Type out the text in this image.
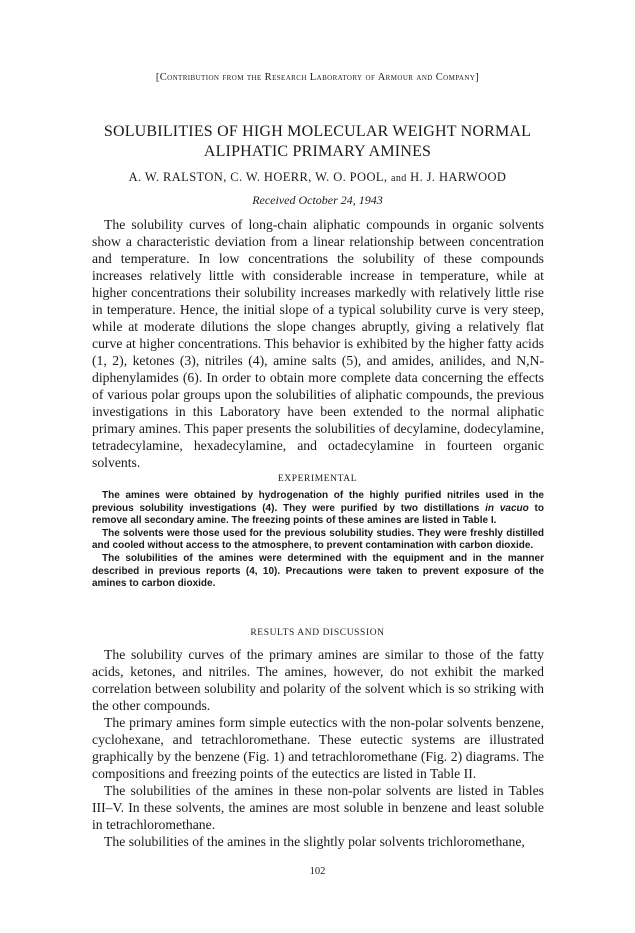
[Contribution from the Research Laboratory of Armour and Company]
SOLUBILITIES OF HIGH MOLECULAR WEIGHT NORMAL ALIPHATIC PRIMARY AMINES
A. W. RALSTON, C. W. HOERR, W. O. POOL, and H. J. HARWOOD
Received October 24, 1943

The solubility curves of long-chain aliphatic compounds in organic solvents show a characteristic deviation from a linear relationship between concentration and temperature. In low concentrations the solubility of these compounds increases relatively little with considerable increase in temperature, while at higher concentrations their solubility increases markedly with relatively little rise in temperature. Hence, the initial slope of a typical solubility curve is very steep, while at moderate dilutions the slope changes abruptly, giving a relatively flat curve at higher concentrations. This behavior is exhibited by the higher fatty acids (1, 2), ketones (3), nitriles (4), amine salts (5), and amides, anilides, and N,N-diphenylamides (6). In order to obtain more complete data concerning the effects of various polar groups upon the solubilities of aliphatic compounds, the previous investigations in this Laboratory have been extended to the normal aliphatic primary amines. This paper presents the solubilities of decylamine, dodecylamine, tetradecylamine, hexadecylamine, and octadecylamine in fourteen organic solvents.

EXPERIMENTAL

The amines were obtained by hydrogenation of the highly purified nitriles used in the previous solubility investigations (4). They were purified by two distillations in vacuo to remove all secondary amine. The freezing points of these amines are listed in Table I.

The solvents were those used for the previous solubility studies. They were freshly distilled and cooled without access to the atmosphere, to prevent contamination with carbon dioxide.

The solubilities of the amines were determined with the equipment and in the manner described in previous reports (4, 10). Precautions were taken to prevent exposure of the amines to carbon dioxide.

RESULTS AND DISCUSSION

The solubility curves of the primary amines are similar to those of the fatty acids, ketones, and nitriles. The amines, however, do not exhibit the marked correlation between solubility and polarity of the solvent which is so striking with the other compounds.

The primary amines form simple eutectics with the non-polar solvents benzene, cyclohexane, and tetrachloromethane. These eutectic systems are illustrated graphically by the benzene (Fig. 1) and tetrachloromethane (Fig. 2) diagrams. The compositions and freezing points of the eutectics are listed in Table II.

The solubilities of the amines in these non-polar solvents are listed in Tables III–V. In these solvents, the amines are most soluble in benzene and least soluble in tetrachloromethane.

The solubilities of the amines in the slightly polar solvents trichloromethane,

102
